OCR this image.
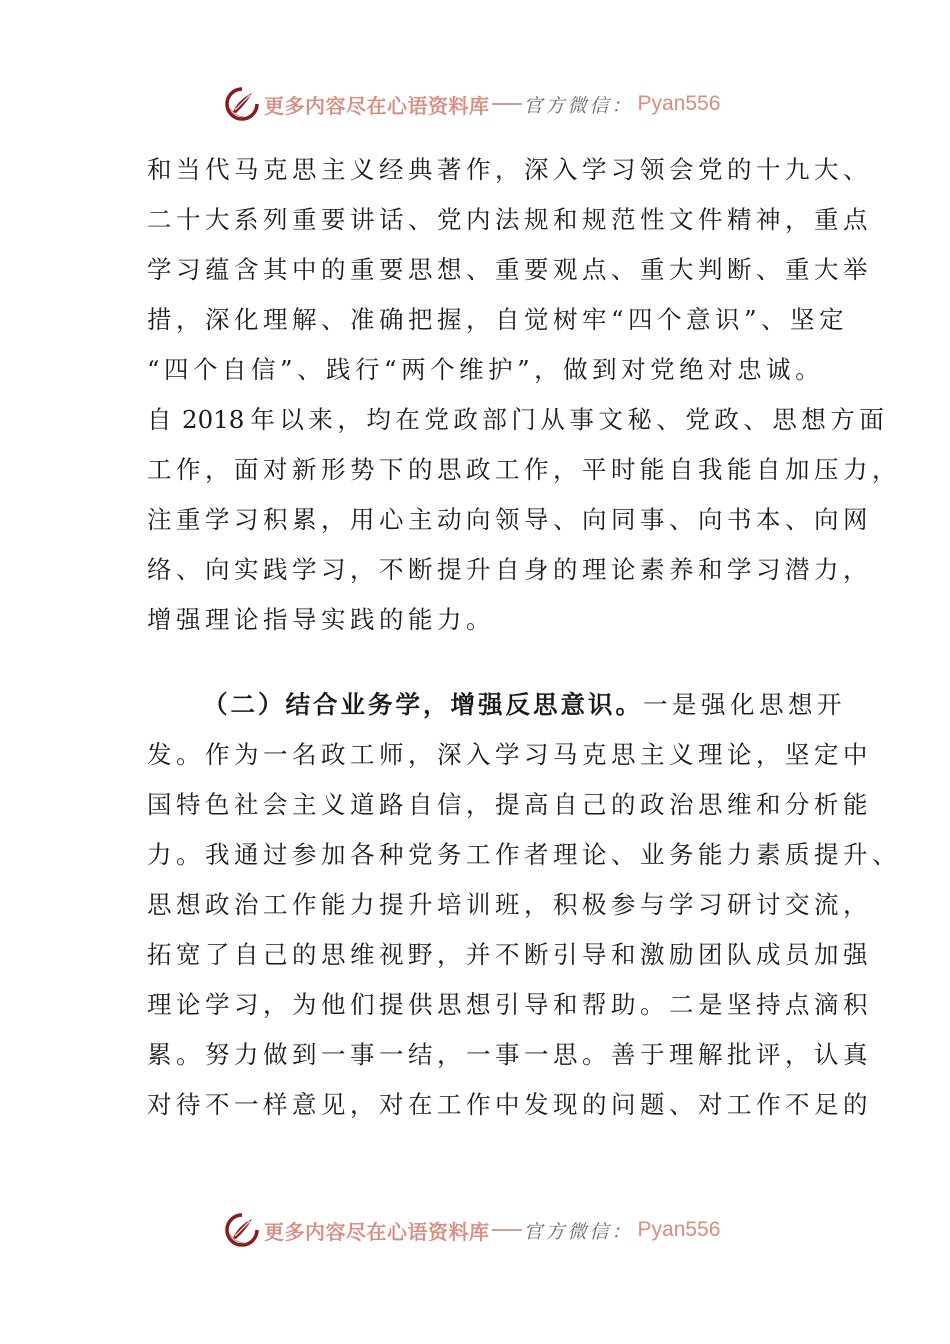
更多内容尽在心语资料库 官方微信： Pyan556
和当代马克思主义经典著作，深入学习领会党的十九大、
二十大系列重要讲话、党内法规和规范性文件精神，重点
学习蕴含其中的重要思想、重要观点、重大判断、重大举
措，深化理解、准确把握，自觉树牢“四个意识”、坚定
“四个自信”、践行“两个维护”，做到对党绝对忠诚。
自 2018 年以来，均在党政部门从事文秘、党政、思想方面
工作，面对新形势下的思政工作，平时能自我能自加压力，
注重学习积累，用心主动向领导、向同事、向书本、向网
络、向实践学习，不断提升自身的理论素养和学习潜力，
增强理论指导实践的能力。
（二）结合业务学，增强反思意识。一是强化思想开
发。作为一名政工师，深入学习马克思主义理论，坚定中
国特色社会主义道路自信，提高自己的政治思维和分析能
力。我通过参加各种党务工作者理论、业务能力素质提升、
思想政治工作能力提升培训班，积极参与学习研讨交流，
拓宽了自己的思维视野，并不断引导和激励团队成员加强
理论学习，为他们提供思想引导和帮助。二是坚持点滴积
累。努力做到一事一结，一事一思。善于理解批评，认真
对待不一样意见，对在工作中发现的问题、对工作不足的
更多内容尽在心语资料库 官方微信： Pyan556
